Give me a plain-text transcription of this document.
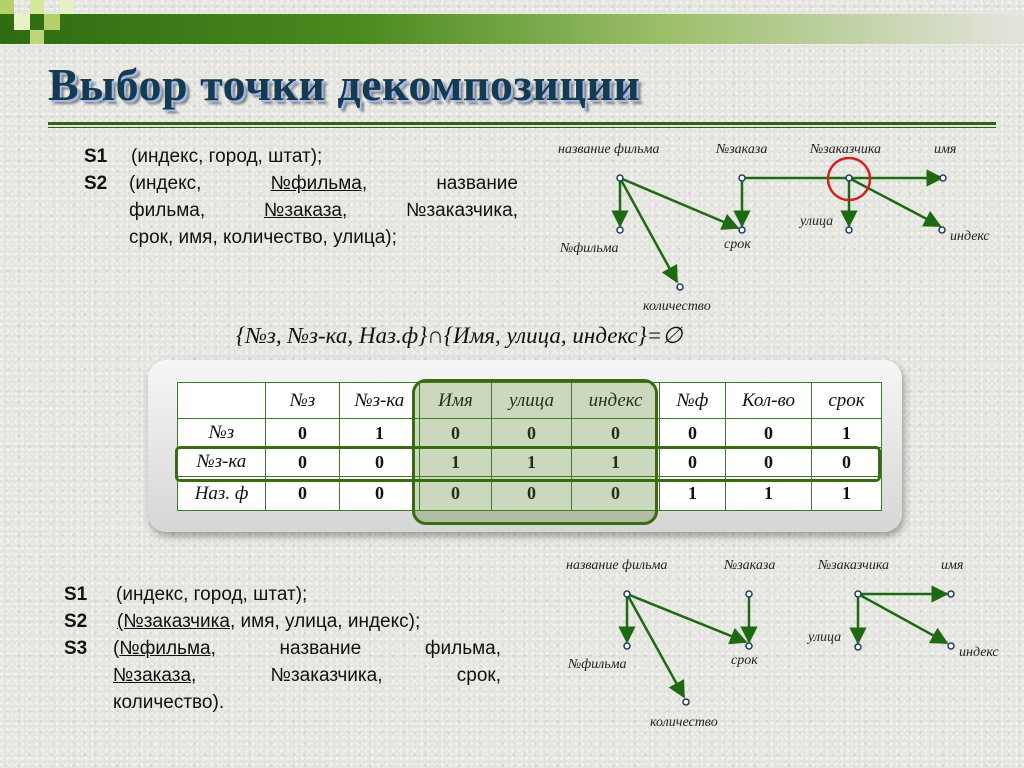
Выбор точки декомпозиции
S1 (индекс, город, штат);
S2 (индекс,	№фильма,	название
фильма,	№заказа,	№заказчика,
срок, имя, количество, улица);
название фильма	№заказа	№заказчика	имя
улица
индекс
№фильма	срок
количество
{№з, №з-ка, Наз.ф}∩{Имя, улица, индекс}=∅
	№з	№з-ка	Имя	улица	индекс	№ф	Кол-во	срок
№з	0	1	0	0	0	0	0	1
№з-ка	0	0	1	1	1	0	0	0
Наз. ф	0	0	0	0	0	1	1	1
S1 (индекс, город, штат);
S2 (№заказчика, имя, улица, индекс);
S3 (№фильма,	название	фильма,
№заказа,	№заказчика,	срок,
количество).
название фильма	№заказа	№заказчика	имя
улица
индекс
№фильма	срок
количество
